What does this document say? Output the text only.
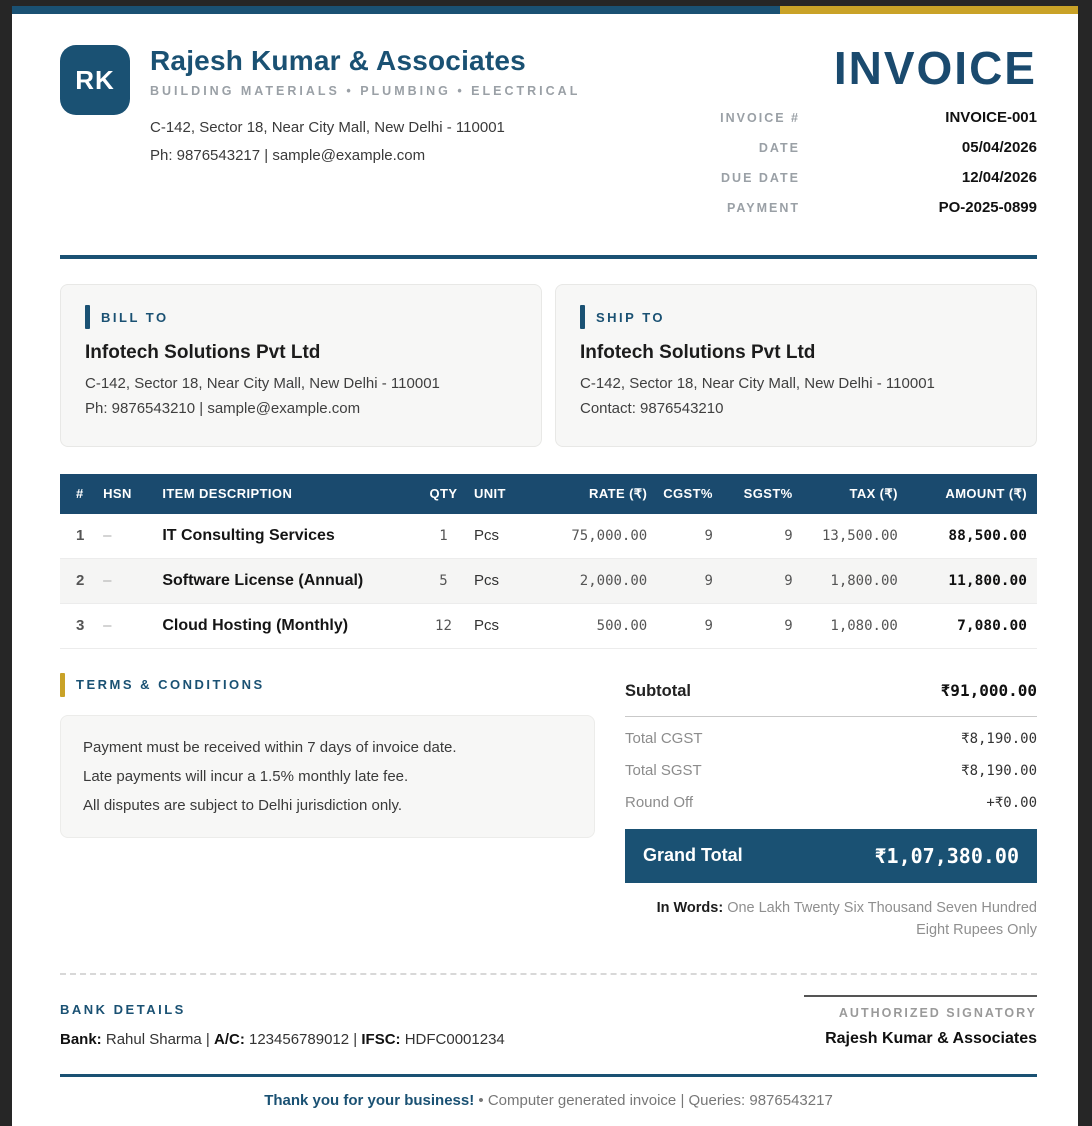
RK
Rajesh Kumar & Associates
BUILDING MATERIALS • PLUMBING • ELECTRICAL
C-142, Sector 18, Near City Mall, New Delhi - 110001
Ph: 9876543217 | sample@example.com
INVOICE
INVOICE #	INVOICE-001
DATE	05/04/2026
DUE DATE	12/04/2026
PAYMENT	PO-2025-0899
BILL TO
Infotech Solutions Pvt Ltd
C-142, Sector 18, Near City Mall, New Delhi - 110001
Ph: 9876543210 | sample@example.com
SHIP TO
Infotech Solutions Pvt Ltd
C-142, Sector 18, Near City Mall, New Delhi - 110001
Contact: 9876543210
#	HSN	ITEM DESCRIPTION	QTY	UNIT	RATE (₹)	CGST%	SGST%	TAX (₹)	AMOUNT (₹)
1	–	IT Consulting Services	1	Pcs	75,000.00	9	9	13,500.00	88,500.00
2	–	Software License (Annual)	5	Pcs	2,000.00	9	9	1,800.00	11,800.00
3	–	Cloud Hosting (Monthly)	12	Pcs	500.00	9	9	1,080.00	7,080.00
TERMS & CONDITIONS
Payment must be received within 7 days of invoice date.
Late payments will incur a 1.5% monthly late fee.
All disputes are subject to Delhi jurisdiction only.
Subtotal	₹91,000.00
Total CGST	₹8,190.00
Total SGST	₹8,190.00
Round Off	+₹0.00
Grand Total	₹1,07,380.00
In Words: One Lakh Twenty Six Thousand Seven Hundred Eight Rupees Only
BANK DETAILS
Bank: Rahul Sharma | A/C: 123456789012 | IFSC: HDFC0001234
AUTHORIZED SIGNATORY
Rajesh Kumar & Associates
Thank you for your business! • Computer generated invoice | Queries: 9876543217
